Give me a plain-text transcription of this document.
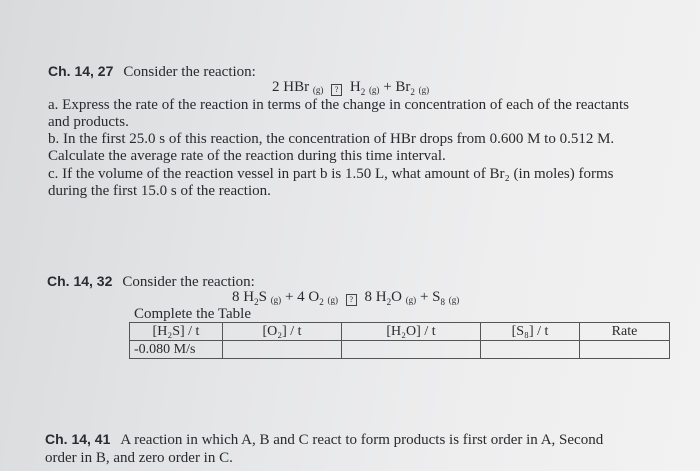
Ch. 14, 27 Consider the reaction:
2 HBr (g) ? $H_2$ $(g) + Br_2$ (g)
a. Express the rate of the reaction in terms of the change in concentration of each of the reactants
and products.
b. In the first 25.0 s of this reaction, the concentration of HBr drops from 0.600 M to 0.512 M.
Calculate the average rate of the reaction during this time interval.
c. If the volume of the reaction vessel in part b is 1.50 L, what amount of Br₂ (in moles) forms
during the first 15.0 s of the reaction.
Ch. 14, 32 Consider the reaction:
8 $H_2S$ (g) + 4 $O_2$ (g) ? 8 $H_2O$ $(g) + S_8$ (g)
Complete the Table
[H₂S] / t	[O₂] / t	[H₂O] / t	[S₈] / t	Rate
-0.080 M/s				
Ch. 14, 41 A reaction in which A, B and C react to form products is first order in A, Second
order in B, and zero order in C.
